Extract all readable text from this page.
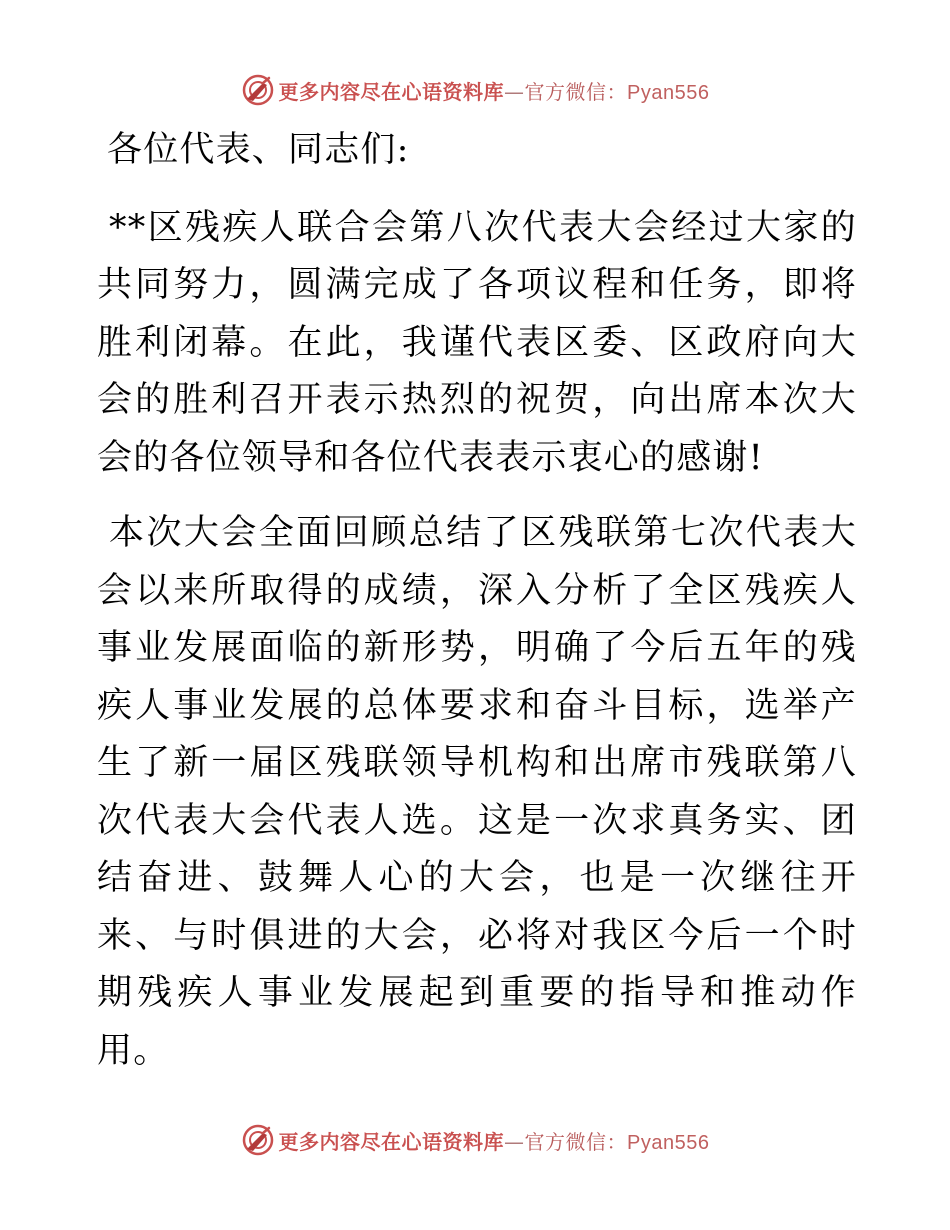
更多内容尽在心语资料库—官方微信：Pyan556

各位代表、同志们:

**区残疾人联合会第八次代表大会经过大家的共同努力，圆满完成了各项议程和任务，即将胜利闭幕。在此，我谨代表区委、区政府向大会的胜利召开表示热烈的祝贺，向出席本次大会的各位领导和各位代表表示衷心的感谢!

本次大会全面回顾总结了区残联第七次代表大会以来所取得的成绩，深入分析了全区残疾人事业发展面临的新形势，明确了今后五年的残疾人事业发展的总体要求和奋斗目标，选举产生了新一届区残联领导机构和出席市残联第八次代表大会代表人选。这是一次求真务实、团结奋进、鼓舞人心的大会，也是一次继往开来、与时俱进的大会，必将对我区今后一个时期残疾人事业发展起到重要的指导和推动作用。

更多内容尽在心语资料库—官方微信：Pyan556
